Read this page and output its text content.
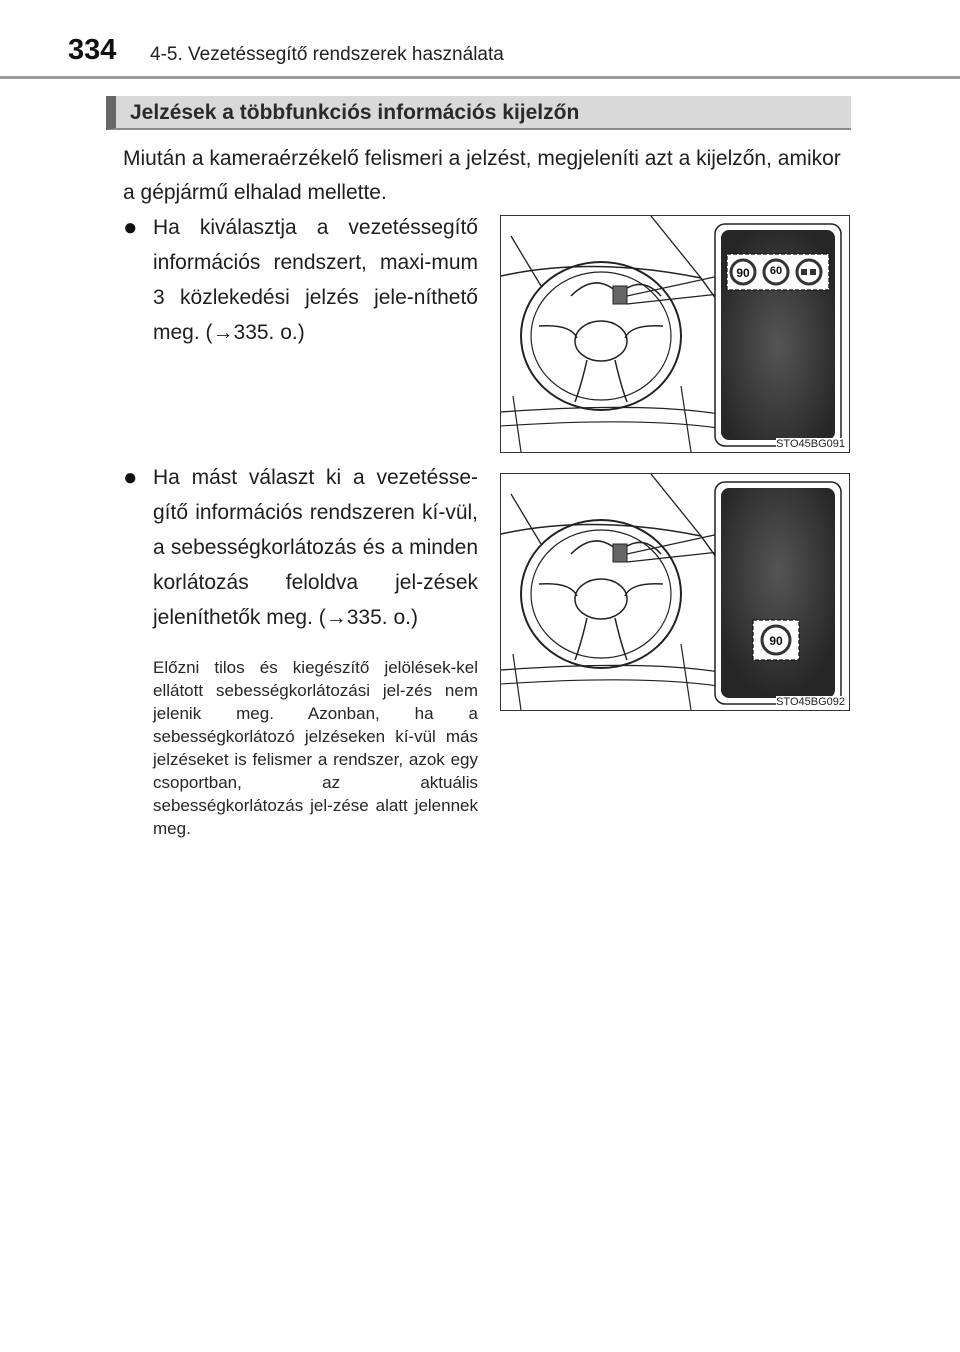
334 4-5. Vezetéssegítő rendszerek használata
Jelzések a többfunkciós információs kijelzőn
Miután a kameraérzékelő felismeri a jelzést, megjeleníti azt a kijelzőn, amikor a gépjármű elhalad mellette.
● Ha kiválasztja a vezetéssegítő információs rendszert, maxi-mum 3 közlekedési jelzés jele-níthető meg. (→335. o.)
● Ha mást választ ki a vezetésse-gítő információs rendszeren kí-vül, a sebességkorlátozás és a minden korlátozás feloldva jel-zések jeleníthetők meg. (→335. o.)
Előzni tilos és kiegészítő jelölések-kel ellátott sebességkorlátozási jel-zés nem jelenik meg. Azonban, ha a sebességkorlátozó jelzéseken kí-vül más jelzéseket is felismer a rendszer, azok egy csoportban, az aktuális sebességkorlátozás jel-zése alatt jelennek meg.
90 60
STO45BG091
90
STO45BG092
